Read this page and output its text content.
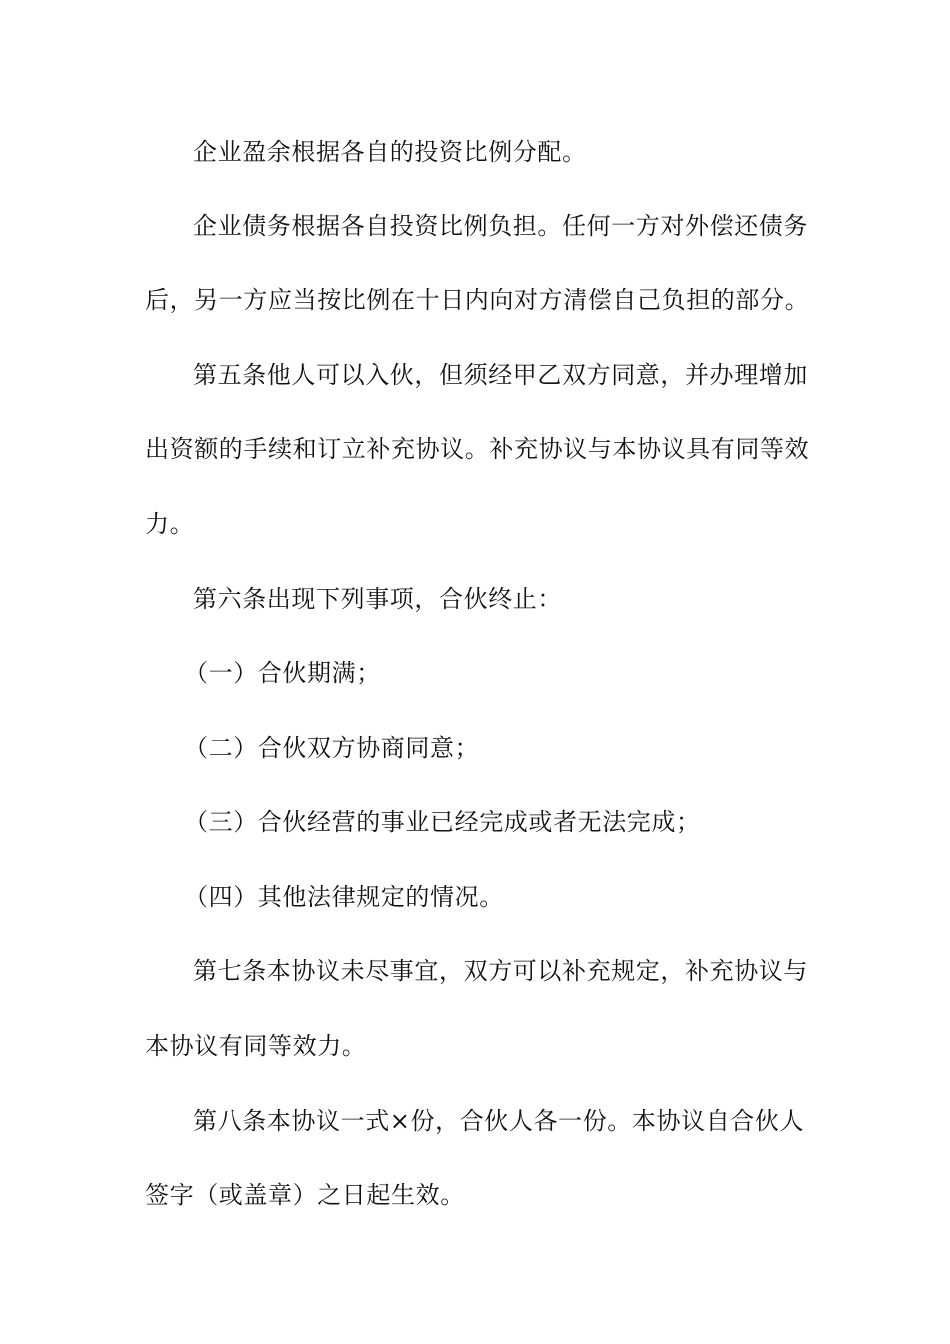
企业盈余根据各自的投资比例分配。
企业债务根据各自投资比例负担。任何一方对外偿还债务
后，另一方应当按比例在十日内向对方清偿自己负担的部分。
第五条他人可以入伙，但须经甲乙双方同意，并办理增加
出资额的手续和订立补充协议。补充协议与本协议具有同等效
力。
第六条出现下列事项，合伙终止：
（一）合伙期满；
（二）合伙双方协商同意；
（三）合伙经营的事业已经完成或者无法完成；
（四）其他法律规定的情况。
第七条本协议未尽事宜，双方可以补充规定，补充协议与
本协议有同等效力。
第八条本协议一式×份，合伙人各一份。本协议自合伙人
签字（或盖章）之日起生效。
